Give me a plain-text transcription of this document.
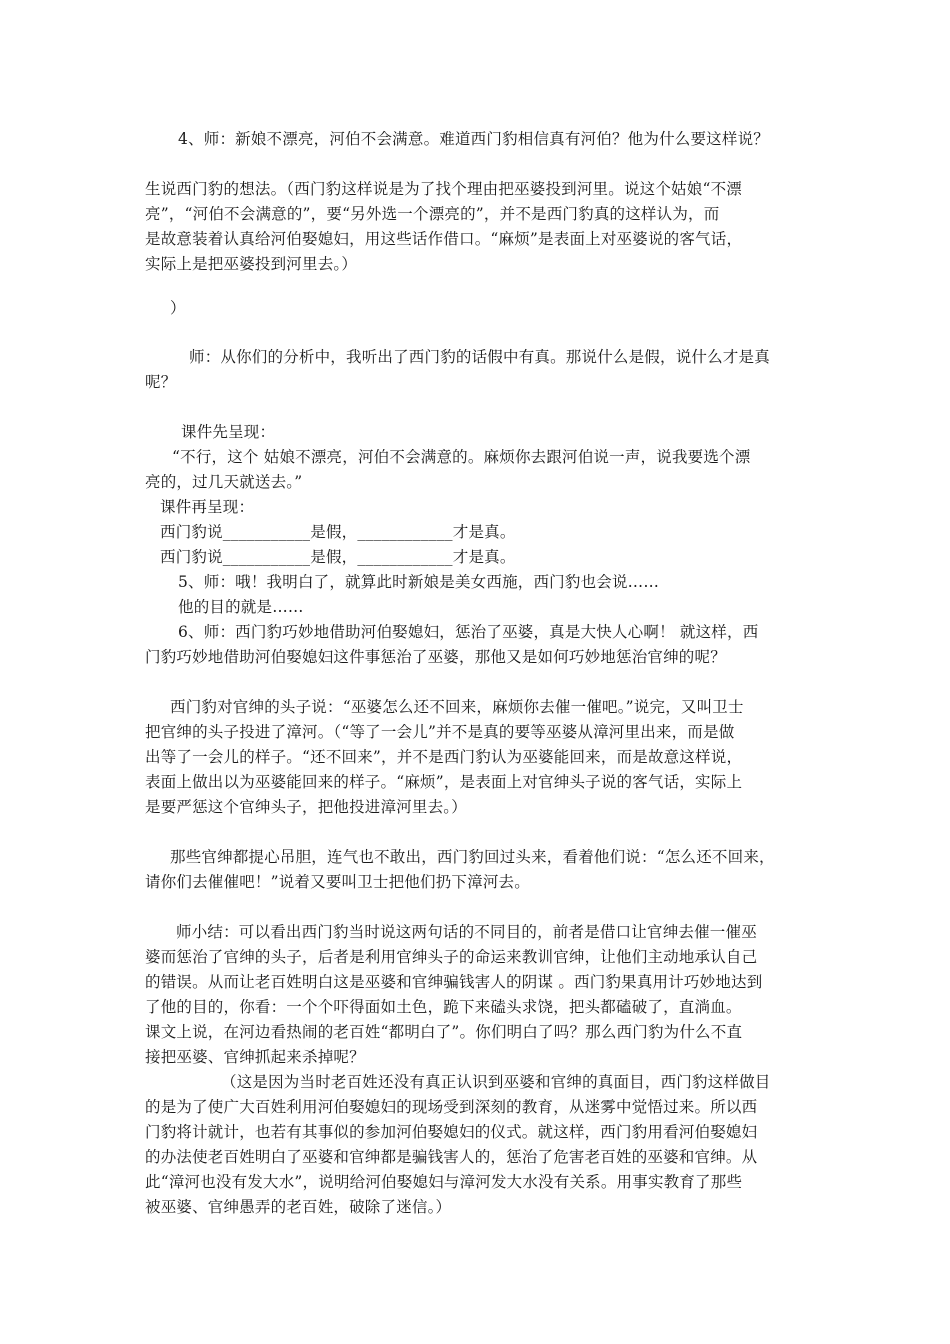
4、师：新娘不漂亮，河伯不会满意。难道西门豹相信真有河伯？他为什么要这样说？
生说西门豹的想法。（西门豹这样说是为了找个理由把巫婆投到河里。说这个姑娘“不漂
亮”，“河伯不会满意的”，要“另外选一个漂亮的”，并不是西门豹真的这样认为，而
是故意装着认真给河伯娶媳妇，用这些话作借口。“麻烦”是表面上对巫婆说的客气话，
实际上是把巫婆投到河里去。）
）
师：从你们的分析中，我听出了西门豹的话假中有真。那说什么是假，说什么才是真
呢？
课件先呈现：
“不行，这个 姑娘不漂亮，河伯不会满意的。麻烦你去跟河伯说一声，说我要选个漂
亮的，过几天就送去。”
课件再呈现：
西门豹说___________是假，____________才是真。
西门豹说___________是假，____________才是真。
5、师：哦！我明白了，就算此时新娘是美女西施，西门豹也会说……
他的目的就是……
6、师：西门豹巧妙地借助河伯娶媳妇，惩治了巫婆，真是大快人心啊！ 就这样，西
门豹巧妙地借助河伯娶媳妇这件事惩治了巫婆，那他又是如何巧妙地惩治官绅的呢？
西门豹对官绅的头子说：“巫婆怎么还不回来，麻烦你去催一催吧。”说完，又叫卫士
把官绅的头子投进了漳河。（“等了一会儿”并不是真的要等巫婆从漳河里出来，而是做
出等了一会儿的样子。“还不回来”，并不是西门豹认为巫婆能回来，而是故意这样说，
表面上做出以为巫婆能回来的样子。“麻烦”，是表面上对官绅头子说的客气话，实际上
是要严惩这个官绅头子，把他投进漳河里去。）
那些官绅都提心吊胆，连气也不敢出，西门豹回过头来，看着他们说：“怎么还不回来，
请你们去催催吧！”说着又要叫卫士把他们扔下漳河去。
师小结：可以看出西门豹当时说这两句话的不同目的，前者是借口让官绅去催一催巫
婆而惩治了官绅的头子，后者是利用官绅头子的命运来教训官绅，让他们主动地承认自己
的错误。从而让老百姓明白这是巫婆和官绅骗钱害人的阴谋 。西门豹果真用计巧妙地达到
了他的目的，你看：一个个吓得面如土色，跪下来磕头求饶，把头都磕破了，直淌血。
课文上说，在河边看热闹的老百姓“都明白了”。你们明白了吗？那么西门豹为什么不直
接把巫婆、官绅抓起来杀掉呢？
（这是因为当时老百姓还没有真正认识到巫婆和官绅的真面目，西门豹这样做目
的是为了使广大百姓利用河伯娶媳妇的现场受到深刻的教育，从迷雾中觉悟过来。所以西
门豹将计就计，也若有其事似的参加河伯娶媳妇的仪式。就这样，西门豹用看河伯娶媳妇
的办法使老百姓明白了巫婆和官绅都是骗钱害人的，惩治了危害老百姓的巫婆和官绅。从
此“漳河也没有发大水”，说明给河伯娶媳妇与漳河发大水没有关系。用事实教育了那些
被巫婆、官绅愚弄的老百姓，破除了迷信。）
